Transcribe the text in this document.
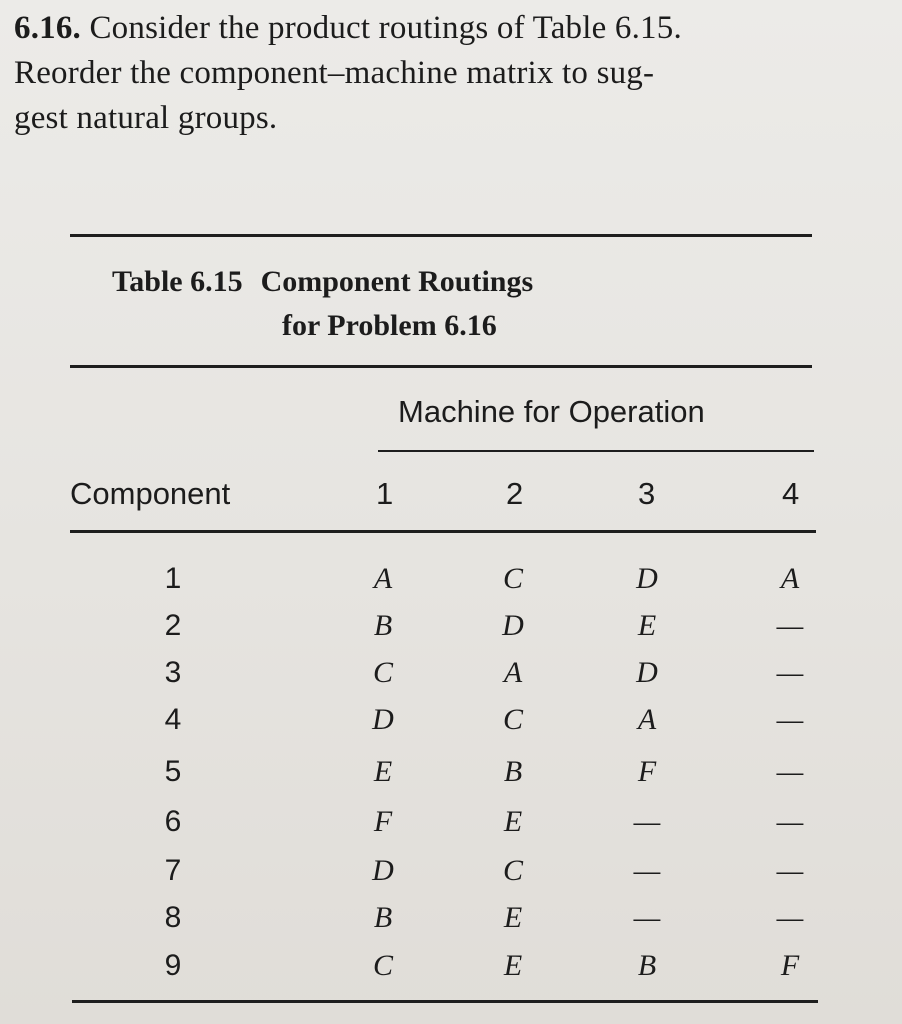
6.16. Consider the product routings of Table 6.15.
Reorder the component–machine matrix to sug-
gest natural groups.
Table 6.15 Component Routings
for Problem 6.16
Machine for Operation
Component	1	2	3	4
1	A	C	D	A
2	B	D	E	—
3	C	A	D	—
4	D	C	A	—
5	E	B	F	—
6	F	E	—	—
7	D	C	—	—
8	B	E	—	—
9	C	E	B	F
